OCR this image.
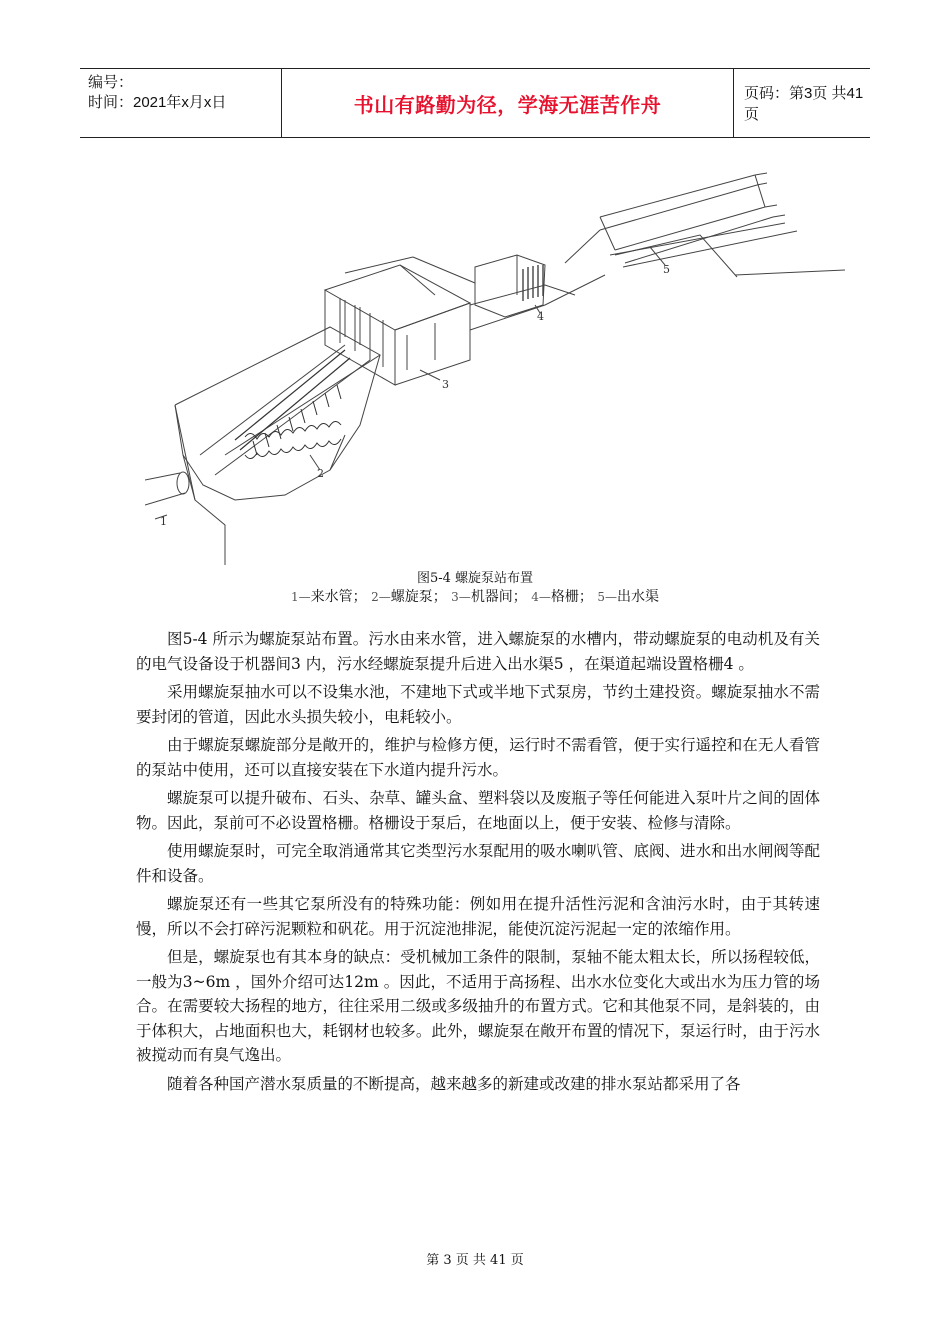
编号：
时间：2021年x月x日	书山有路勤为径，学海无涯苦作舟	页码：第3页 共41页
1
2
3
4
5
图5-4 螺旋泵站布置
1—来水管； 2—螺旋泵； 3—机器间； 4—格栅； 5—出水渠

图5-4 所示为螺旋泵站布置。污水由来水管，进入螺旋泵的水槽内，带动螺旋泵的电动机及有关的电气设备设于机器间3 内，污水经螺旋泵提升后进入出水渠5 ，在渠道起端设置格栅4 。

采用螺旋泵抽水可以不设集水池，不建地下式或半地下式泵房，节约土建投资。螺旋泵抽水不需要封闭的管道，因此水头损失较小，电耗较小。

由于螺旋泵螺旋部分是敞开的，维护与检修方便，运行时不需看管，便于实行遥控和在无人看管的泵站中使用，还可以直接安装在下水道内提升污水。

螺旋泵可以提升破布、石头、杂草、罐头盒、塑料袋以及废瓶子等任何能进入泵叶片之间的固体物。因此，泵前可不必设置格栅。格栅设于泵后，在地面以上，便于安装、检修与清除。

使用螺旋泵时，可完全取消通常其它类型污水泵配用的吸水喇叭管、底阀、进水和出水闸阀等配件和设备。

螺旋泵还有一些其它泵所没有的特殊功能：例如用在提升活性污泥和含油污水时，由于其转速慢，所以不会打碎污泥颗粒和矾花。用于沉淀池排泥，能使沉淀污泥起一定的浓缩作用。

但是，螺旋泵也有其本身的缺点：受机械加工条件的限制，泵轴不能太粗太长，所以扬程较低，一般为3~6m ，国外介绍可达12m 。因此，不适用于高扬程、出水水位变化大或出水为压力管的场合。在需要较大扬程的地方，往往采用二级或多级抽升的布置方式。它和其他泵不同，是斜装的，由于体积大，占地面积也大，耗钢材也较多。此外，螺旋泵在敞开布置的情况下，泵运行时，由于污水被搅动而有臭气逸出。

随着各种国产潜水泵质量的不断提高，越来越多的新建或改建的排水泵站都采用了各

第 3 页 共 41 页
